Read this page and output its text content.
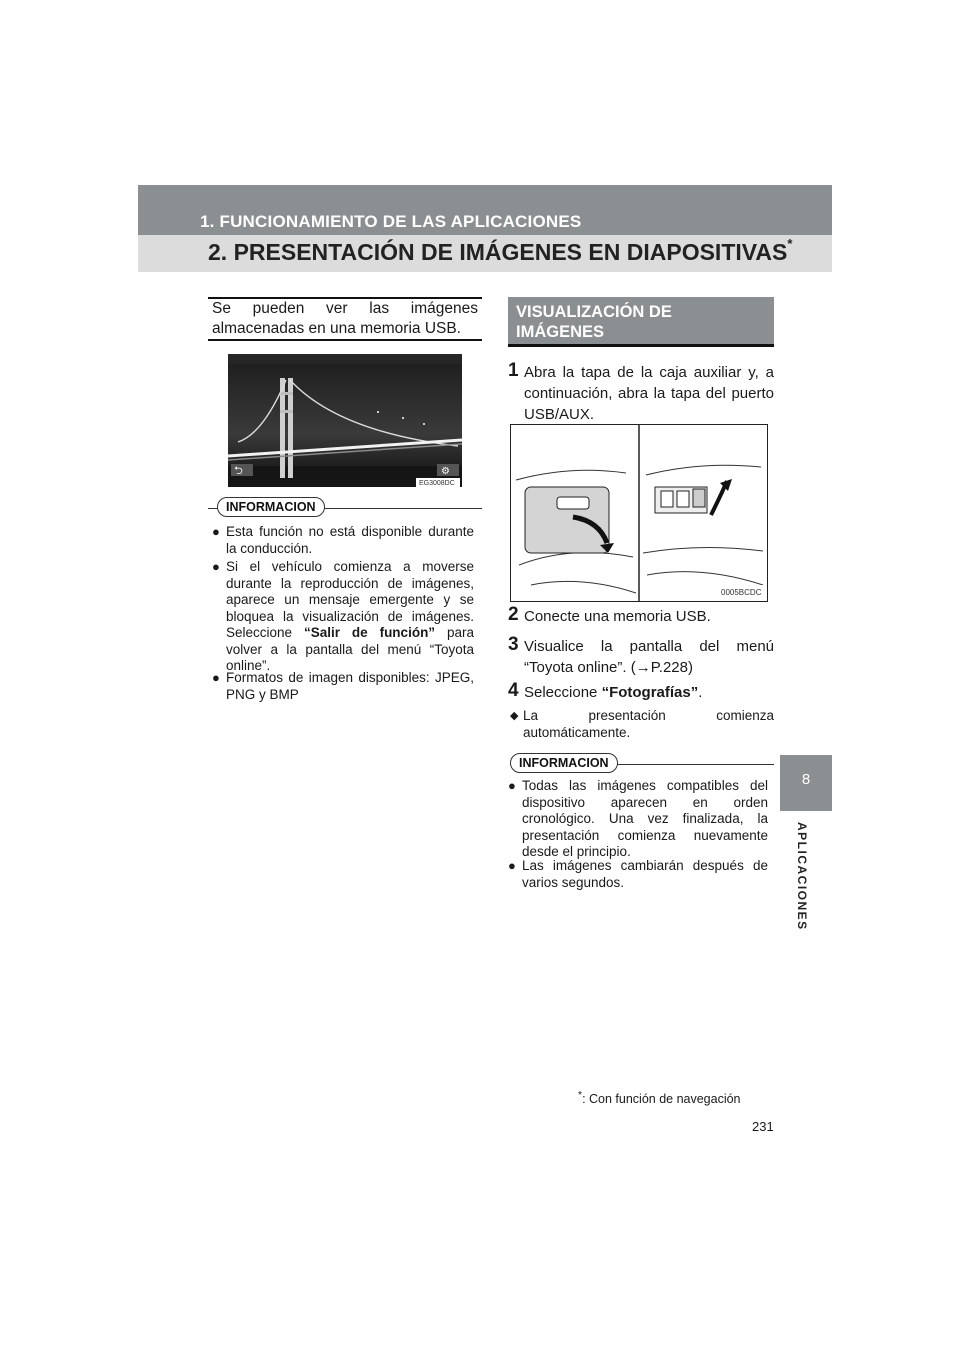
1. FUNCIONAMIENTO DE LAS APLICACIONES
2. PRESENTACIÓN DE IMÁGENES EN DIAPOSITIVAS*
8
APLICACIONES
Se pueden ver las imágenes
almacenadas en una memoria USB.
⮌	⚙
EG3008DC
INFORMACION
● Esta función no está disponible durante la conducción.
● Si el vehículo comienza a moverse durante la reproducción de imágenes, aparece un mensaje emergente y se bloquea la visualización de imágenes. Seleccione “Salir de función” para volver a la pantalla del menú “Toyota online”.
● Formatos de imagen disponibles: JPEG, PNG y BMP
VISUALIZACIÓN DE
IMÁGENES
1 Abra la tapa de la caja auxiliar y, a continuación, abra la tapa del puerto USB/AUX.
0005BCDC
2 Conecte una memoria USB.
3 Visualice la pantalla del menú “Toyota online”. (→P.228)
4 Seleccione “Fotografías”.
◆ La presentación comienza automáticamente.
INFORMACION
● Todas las imágenes compatibles del dispositivo aparecen en orden cronológico. Una vez finalizada, la presentación comienza nuevamente desde el principio.
● Las imágenes cambiarán después de varios segundos.
*: Con función de navegación
231
